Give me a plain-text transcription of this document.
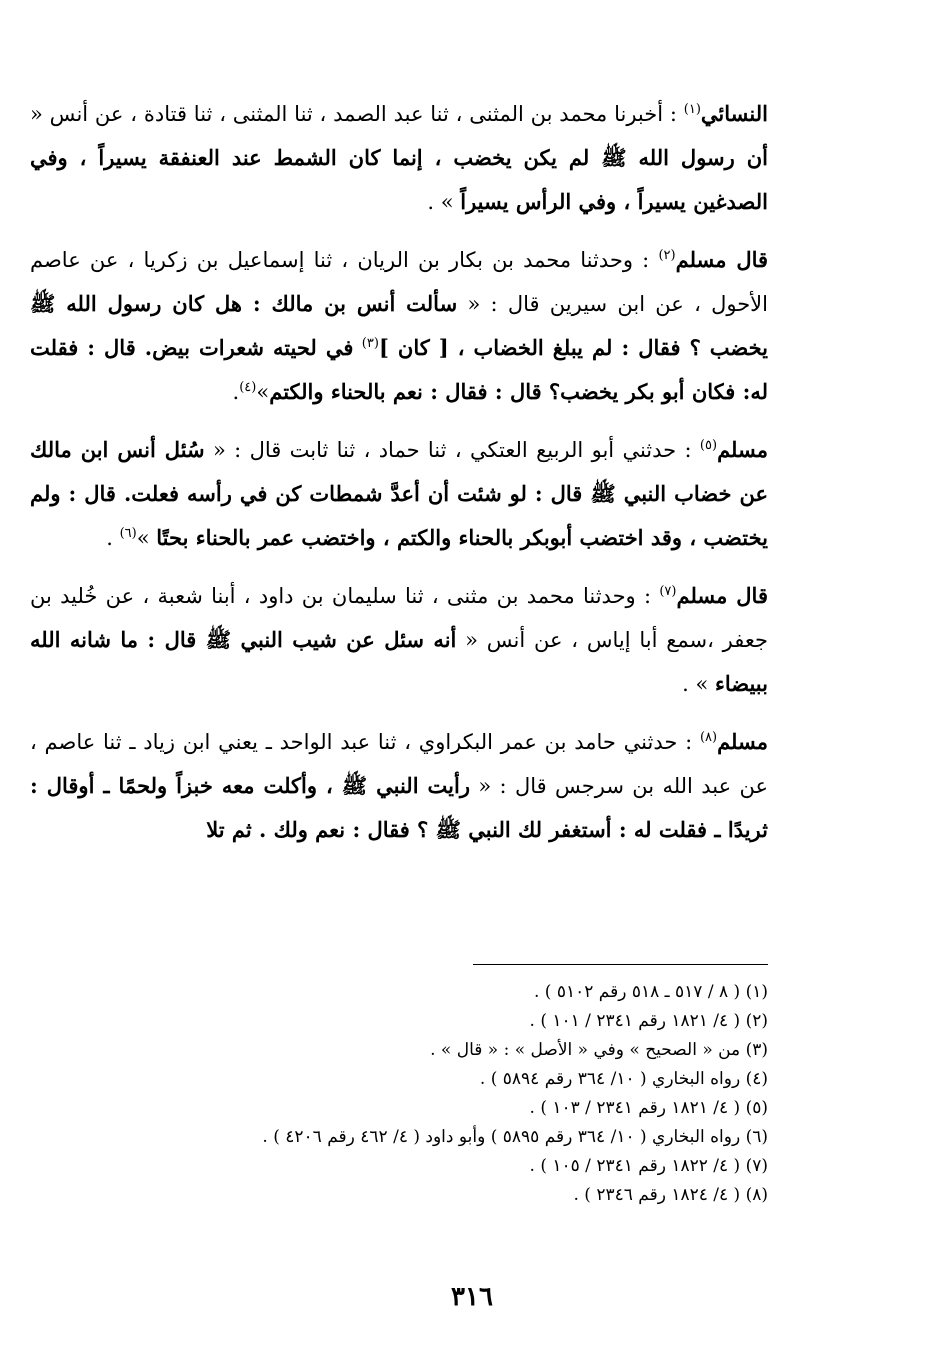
النسائي$^{(١)}$ : أخبرنا محمد بن المثنى ، ثنا عبد الصمد ، ثنا المثنى ، ثنا قتادة ، عن أنس « أن رسول الله ﷺ لم يكن يخضب ، إنما كان الشمط عند العنفقة يسيراً ، وفي الصدغين يسيراً ، وفي الرأس يسيراً » .

قال مسلم$^{(٢)}$ : وحدثنا محمد بن بكار بن الريان ، ثنا إسماعيل بن زكريا ، عن عاصم الأحول ، عن ابن سيرين قال : « سألت أنس بن مالك : هل كان رسول الله ﷺ يخضب ؟ فقال : لم يبلغ الخضاب ، [ كان ]$^{(٣)}$ في لحيته شعرات بيض. قال : فقلت له: فكان أبو بكر يخضب؟ قال : فقال : نعم بالحناء والكتم»$^{(٤)}$.

مسلم$^{(٥)}$ : حدثني أبو الربيع العتكي ، ثنا حماد ، ثنا ثابت قال : « سُئل أنس ابن مالك عن خضاب النبي ﷺ قال : لو شئت أن أعدَّ شمطات كن في رأسه فعلت. قال : ولم يختضب ، وقد اختضب أبوبكر بالحناء والكتم ، واختضب عمر بالحناء بحتًا »$^{(٦)}$ .

قال مسلم$^{(٧)}$ : وحدثنا محمد بن مثنى ، ثنا سليمان بن داود ، أبنا شعبة ، عن خُليد بن جعفر ،سمع أبا إياس ، عن أنس « أنه سئل عن شيب النبي ﷺ قال : ما شانه الله ببيضاء » .

مسلم$^{(٨)}$ : حدثني حامد بن عمر البكراوي ، ثنا عبد الواحد ـ يعني ابن زياد ـ ثنا عاصم ، عن عبد الله بن سرجس قال : « رأيت النبي ﷺ ، وأكلت معه خبزاً ولحمًا ـ أوقال : ثريدًا ـ فقلت له : أستغفر لك النبي ﷺ ؟ فقال : نعم ولك . ثم تلا

(١) ( ٨ / ٥١٧ ـ ٥١٨ رقم ٥١٠٢ ) .
(٢) ( ٤/ ١٨٢١ رقم ٢٣٤١ / ١٠١ ) .
(٣) من « الصحيح » وفي « الأصل » : « قال » .
(٤) رواه البخاري ( ١٠/ ٣٦٤ رقم ٥٨٩٤ ) .
(٥) ( ٤/ ١٨٢١ رقم ٢٣٤١ / ١٠٣ ) .
(٦) رواه البخاري ( ١٠/ ٣٦٤ رقم ٥٨٩٥ ) وأبو داود ( ٤/ ٤٦٢ رقم ٤٢٠٦ ) .
(٧) ( ٤/ ١٨٢٢ رقم ٢٣٤١ / ١٠٥ ) .
(٨) ( ٤/ ١٨٢٤ رقم ٢٣٤٦ ) .
٣١٦
